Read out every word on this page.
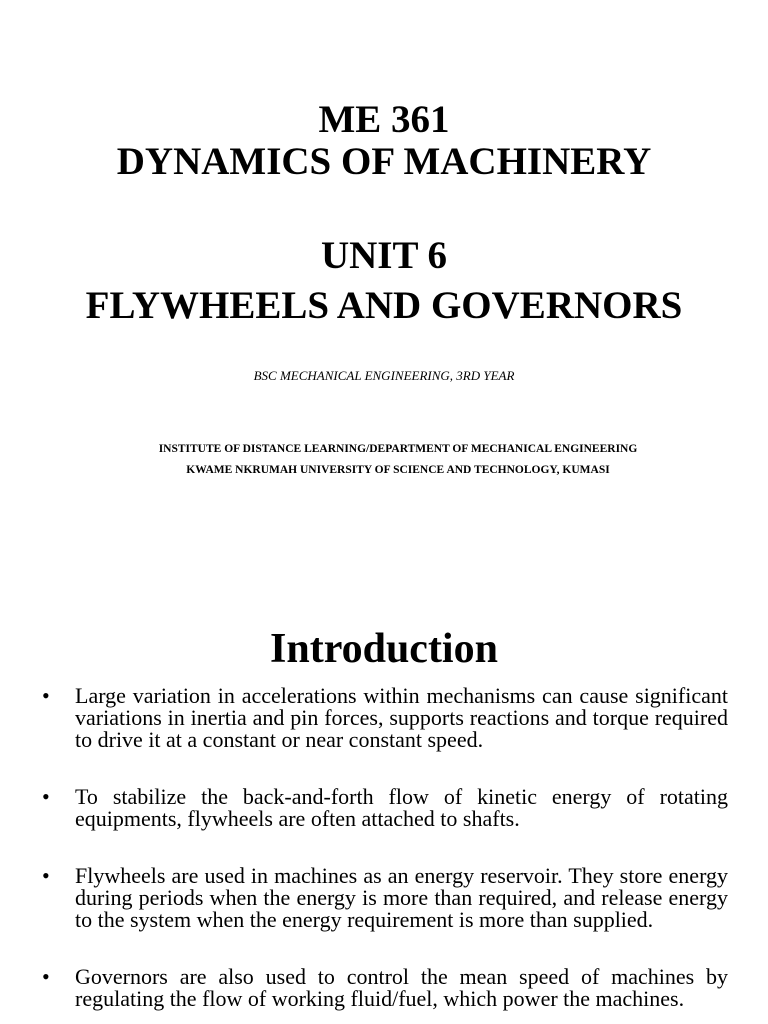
ME 361
DYNAMICS OF MACHINERY
UNIT 6
FLYWHEELS AND GOVERNORS
BSC MECHANICAL ENGINEERING, 3RD YEAR
INSTITUTE OF DISTANCE LEARNING/DEPARTMENT OF MECHANICAL ENGINEERING
KWAME NKRUMAH UNIVERSITY OF SCIENCE AND TECHNOLOGY, KUMASI
Introduction
• Large variation in accelerations within mechanisms can cause significant variations in inertia and pin forces, supports reactions and torque required to drive it at a constant or near constant speed.
• To stabilize the back-and-forth flow of kinetic energy of rotating equipments, flywheels are often attached to shafts.
• Flywheels are used in machines as an energy reservoir. They store energy during periods when the energy is more than required, and release energy to the system when the energy requirement is more than supplied.
• Governors are also used to control the mean speed of machines by regulating the flow of working fluid/fuel, which power the machines.
